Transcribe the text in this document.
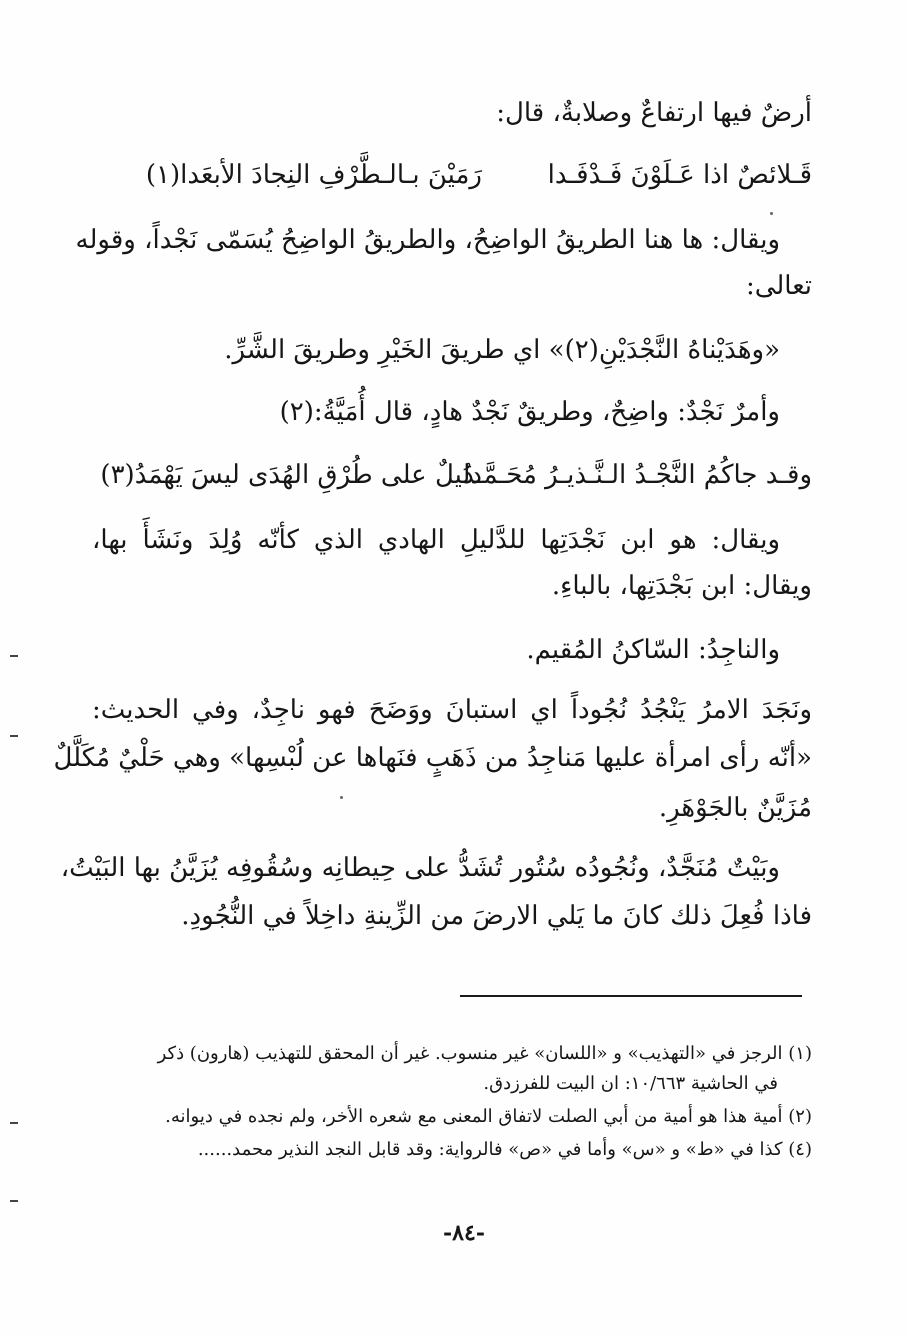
أرضٌ فيها ارتفاعٌ وصلابةٌ، قال:
قَـلائصٌ اذا عَـلَوْنَ فَـدْفَـدارَمَيْنَ بـالـطَّرْفِ النِجادَ الأبعَدا(١)
ويقال: ها هنا الطريقُ الواضِحُ، والطريقُ الواضِحُ يُسَمّى نَجْداً، وقوله
تعالى:
«وهَدَيْناهُ النَّجْدَيْنِ(٢)» اي طريقَ الخَيْرِ وطريقَ الشَّرِّ.
وأمرٌ نَجْدٌ: واضِحٌ، وطريقٌ نَجْدٌ هادٍ، قال أُمَيَّةُ:(٢)
وقـد جاكُمُ النَّجْـدُ الـنَّـذيـرُ مُحَـمَّـدُدليلٌ على طُرْقِ الهُدَى ليسَ يَهْمَدُ(٣)
ويقال: هو ابن نَجْدَتِها للدَّليلِ الهادي الذي كأنّه وُلِدَ ونَشَأَ بها،
ويقال: ابن بَجْدَتِها، بالباءِ.
والناجِدُ: السّاكنُ المُقيم.
ونَجَدَ الامرُ يَنْجُدُ نُجُوداً اي استبانَ ووَضَحَ فهو ناجِدٌ، وفي الحديث:
«أنّه رأى امرأة عليها مَناجِدُ من ذَهَبٍ فنَهاها عن لُبْسِها» وهي حَلْيٌ مُكَلَّلٌ
مُزَيَّنٌ بالجَوْهَرِ.
وبَيْتٌ مُنَجَّدٌ، ونُجُودُه سُتُور تُشَدُّ على حِيطانِه وسُقُوفِه يُزَيَّنُ بها البَيْتُ،
فاذا فُعِلَ ذلك كانَ ما يَلي الارضَ من الزِّينةِ داخِلاً في النُّجُودِ.
(١) الرجز في «التهذيب» و «اللسان» غير منسوب. غير أن المحقق للتهذيب (هارون) ذكر
في الحاشية ١٠/٦٦٣: ان البيت للفرزدق.
(٢) أمية هذا هو أمية من أبي الصلت لاتفاق المعنى مع شعره الأخر، ولم نجده في ديوانه.
(٤) كذا في «ط» و «س» وأما في «ص» فالرواية: وقد قابل النجد النذير محمد......
-٨٤-
